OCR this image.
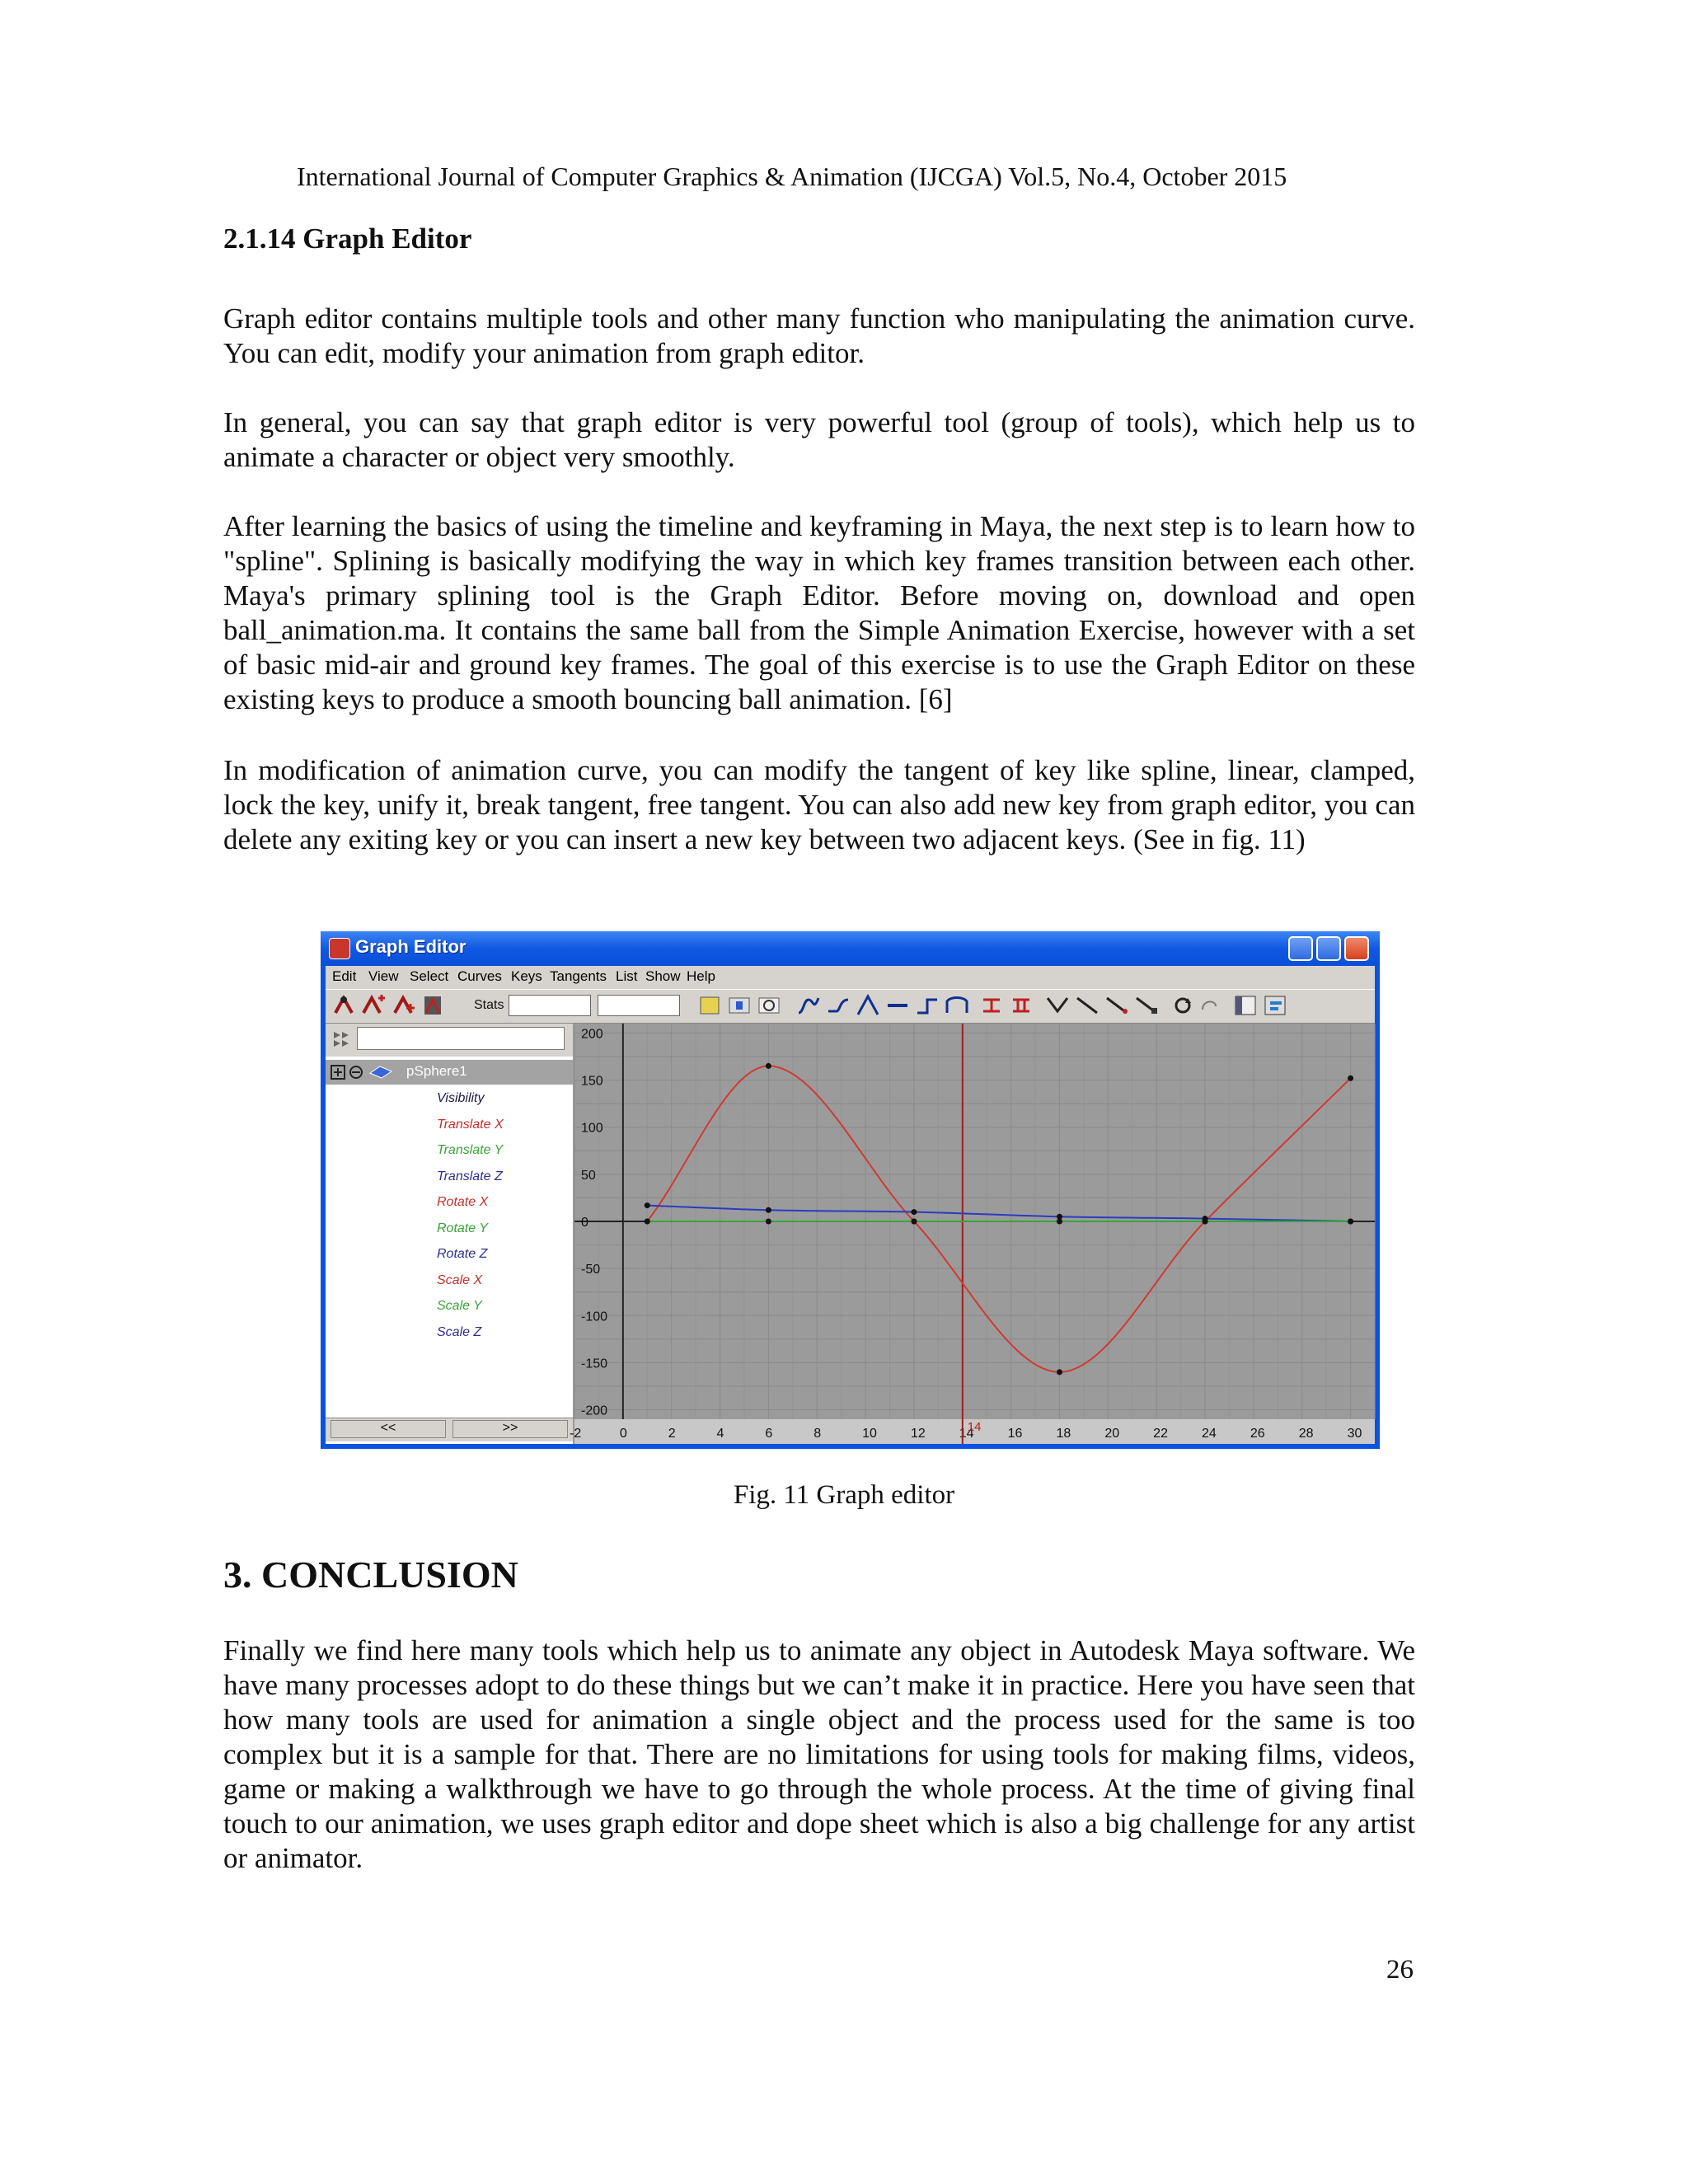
International Journal of Computer Graphics & Animation (IJCGA) Vol.5, No.4, October 2015
2.1.14 Graph Editor
Graph editor contains multiple tools and other many function who manipulating the animation curve. You can edit, modify your animation from graph editor.
In general, you can say that graph editor is very powerful tool (group of tools), which help us to animate a character or object very smoothly.
After learning the basics of using the timeline and keyframing in Maya, the next step is to learn how to "spline". Splining is basically modifying the way in which key frames transition between each other. Maya's primary splining tool is the Graph Editor. Before moving on, download and open ball_animation.ma. It contains the same ball from the Simple Animation Exercise, however with a set of basic mid-air and ground key frames. The goal of this exercise is to use the Graph Editor on these existing keys to produce a smooth bouncing ball animation. [6]
In modification of animation curve, you can modify the tangent of key like spline, linear, clamped, lock the key, unify it, break tangent, free tangent. You can also add new key from graph editor, you can delete any exiting key or you can insert a new key between two adjacent keys. (See in fig. 11)
Graph Editor
Edit View Select Curves Keys Tangents List Show Help
Stats
pSphere1
Visibility
Translate X
Translate Y
Translate Z
Rotate X
Rotate Y
Rotate Z
Scale X
Scale Y
Scale Z
<<	>>
200
150
100
50
0
-50
-100
-150
-200
-2	0	2	4	6	8	10	12	14	16	18	20	22	24	26	28	30
14
Fig. 11 Graph editor
3. CONCLUSION
Finally we find here many tools which help us to animate any object in Autodesk Maya software. We have many processes adopt to do these things but we can’t make it in practice. Here you have seen that how many tools are used for animation a single object and the process used for the same is too complex but it is a sample for that. There are no limitations for using tools for making films, videos, game or making a walkthrough we have to go through the whole process. At the time of giving final touch to our animation, we uses graph editor and dope sheet which is also a big challenge for any artist or animator.
26
